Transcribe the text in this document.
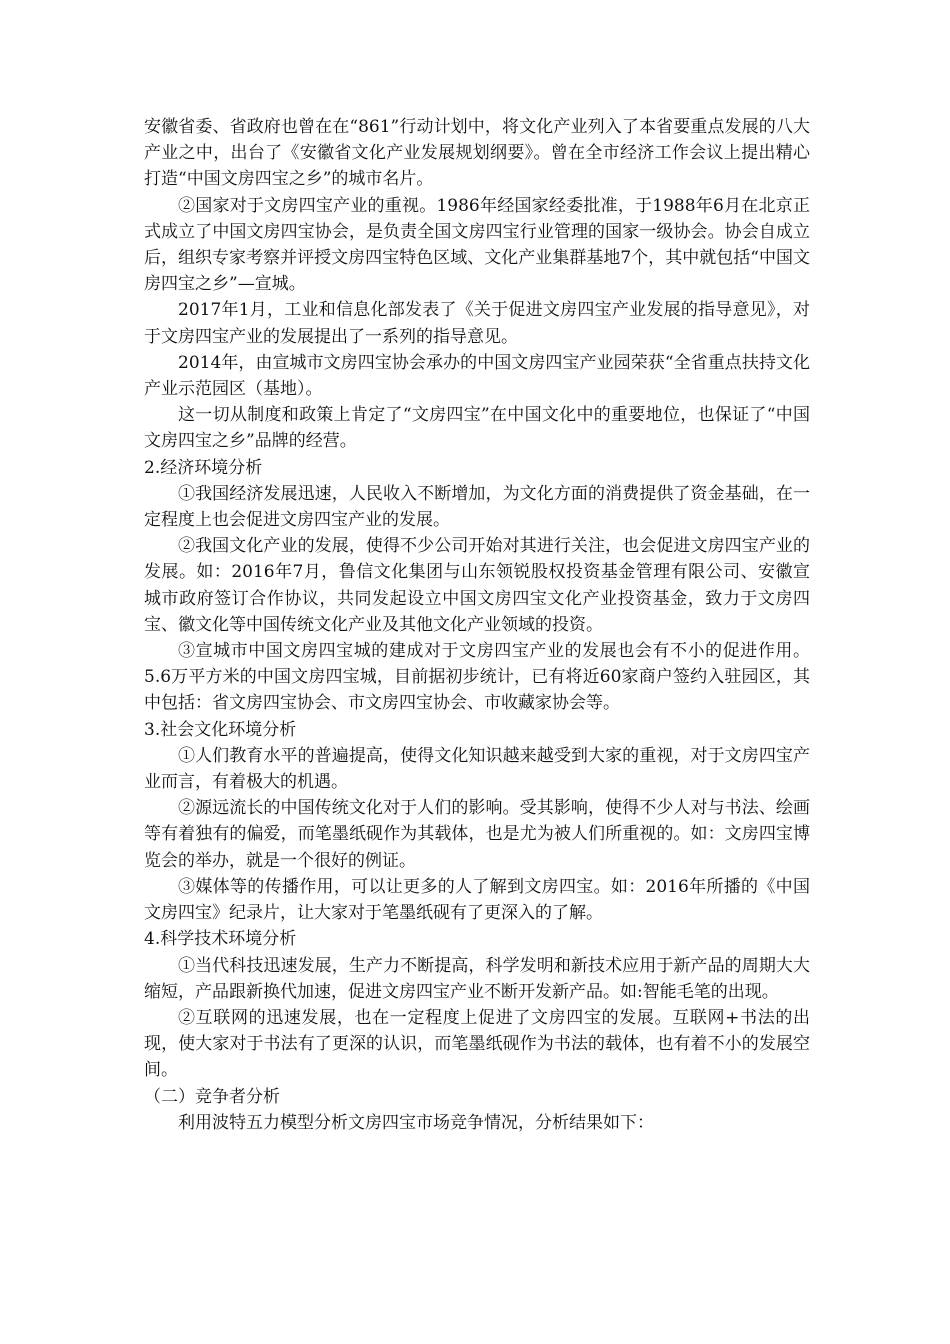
安徽省委、省政府也曾在在“861”行动计划中，将文化产业列入了本省要重点发展的八大产业之中，出台了《安徽省文化产业发展规划纲要》。曾在全市经济工作会议上提出精心打造“中国文房四宝之乡”的城市名片。

②国家对于文房四宝产业的重视。1986年经国家经委批准，于1988年6月在北京正式成立了中国文房四宝协会，是负责全国文房四宝行业管理的国家一级协会。协会自成立后，组织专家考察并评授文房四宝特色区域、文化产业集群基地7个，其中就包括“中国文房四宝之乡”—宣城。

2017年1月，工业和信息化部发表了《关于促进文房四宝产业发展的指导意见》，对于文房四宝产业的发展提出了一系列的指导意见。

2014年，由宣城市文房四宝协会承办的中国文房四宝产业园荣获“全省重点扶持文化产业示范园区（基地）。

这一切从制度和政策上肯定了“文房四宝”在中国文化中的重要地位，也保证了“中国文房四宝之乡”品牌的经营。

2.经济环境分析

①我国经济发展迅速，人民收入不断增加，为文化方面的消费提供了资金基础，在一定程度上也会促进文房四宝产业的发展。

②我国文化产业的发展，使得不少公司开始对其进行关注，也会促进文房四宝产业的发展。如：2016年7月，鲁信文化集团与山东领锐股权投资基金管理有限公司、安徽宣城市政府签订合作协议，共同发起设立中国文房四宝文化产业投资基金，致力于文房四宝、徽文化等中国传统文化产业及其他文化产业领域的投资。

③宣城市中国文房四宝城的建成对于文房四宝产业的发展也会有不小的促进作用。5.6万平方米的中国文房四宝城，目前据初步统计，已有将近60家商户签约入驻园区，其中包括：省文房四宝协会、市文房四宝协会、市收藏家协会等。

3.社会文化环境分析

①人们教育水平的普遍提高，使得文化知识越来越受到大家的重视，对于文房四宝产业而言，有着极大的机遇。

②源远流长的中国传统文化对于人们的影响。受其影响，使得不少人对与书法、绘画等有着独有的偏爱，而笔墨纸砚作为其载体，也是尤为被人们所重视的。如：文房四宝博览会的举办，就是一个很好的例证。

③媒体等的传播作用，可以让更多的人了解到文房四宝。如：2016年所播的《中国文房四宝》纪录片，让大家对于笔墨纸砚有了更深入的了解。

4.科学技术环境分析

①当代科技迅速发展，生产力不断提高，科学发明和新技术应用于新产品的周期大大缩短，产品跟新换代加速，促进文房四宝产业不断开发新产品。如:智能毛笔的出现。

②互联网的迅速发展，也在一定程度上促进了文房四宝的发展。互联网+书法的出现，使大家对于书法有了更深的认识，而笔墨纸砚作为书法的载体，也有着不小的发展空间。

（二）竞争者分析

利用波特五力模型分析文房四宝市场竞争情况，分析结果如下：
